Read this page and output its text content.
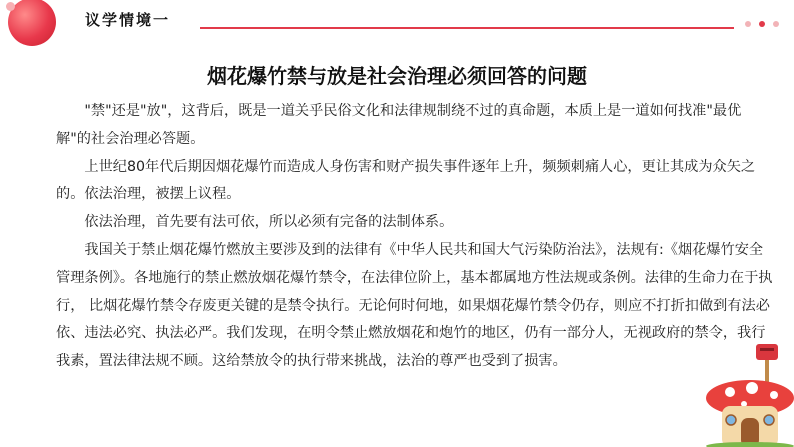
议学情境一
烟花爆竹禁与放是社会治理必须回答的问题

"禁"还是"放"，这背后，既是一道关乎民俗文化和法律规制绕不过的真命题，本质上是一道如何找准"最优解"的社会治理必答题。

上世纪80年代后期因烟花爆竹而造成人身伤害和财产损失事件逐年上升，频频刺痛人心，更让其成为众矢之的。依法治理，被摆上议程。

依法治理，首先要有法可依，所以必须有完备的法制体系。

我国关于禁止烟花爆竹燃放主要涉及到的法律有《中华人民共和国大气污染防治法》，法规有:《烟花爆竹安全管理条例》。各地施行的禁止燃放烟花爆竹禁令，在法律位阶上，基本都属地方性法规或条例。法律的生命力在于执行， 比烟花爆竹禁令存废更关键的是禁令执行。无论何时何地，如果烟花爆竹禁令仍存，则应不打折扣做到有法必依、违法必究、执法必严。我们发现，在明令禁止燃放烟花和炮竹的地区，仍有一部分人，无视政府的禁令，我行我素，置法律法规不顾。这给禁放令的执行带来挑战，法治的尊严也受到了损害。
